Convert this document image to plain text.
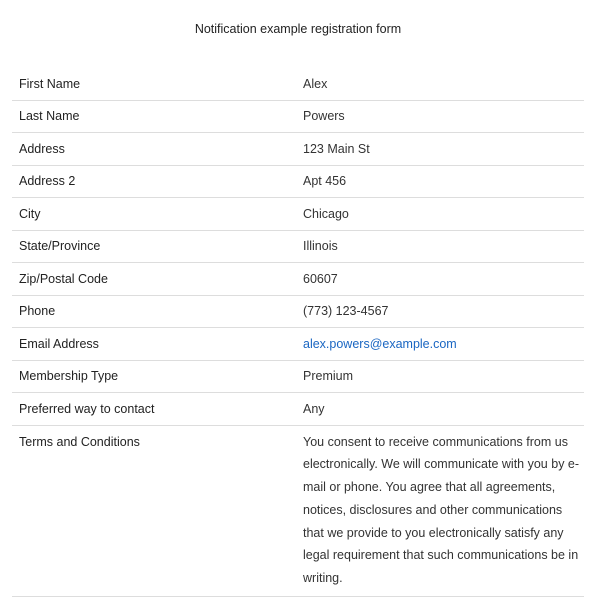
Notification example registration form
First Name	Alex
Last Name	Powers
Address	123 Main St
Address 2	Apt 456
City	Chicago
State/Province	Illinois
Zip/Postal Code	60607
Phone	(773) 123-4567
Email Address	alex.powers@example.com
Membership Type	Premium
Preferred way to contact	Any
Terms and Conditions	You consent to receive communications from us electronically. We will communicate with you by e-mail or phone. You agree that all agreements, notices, disclosures and other communications that we provide to you electronically satisfy any legal requirement that such communications be in writing.
